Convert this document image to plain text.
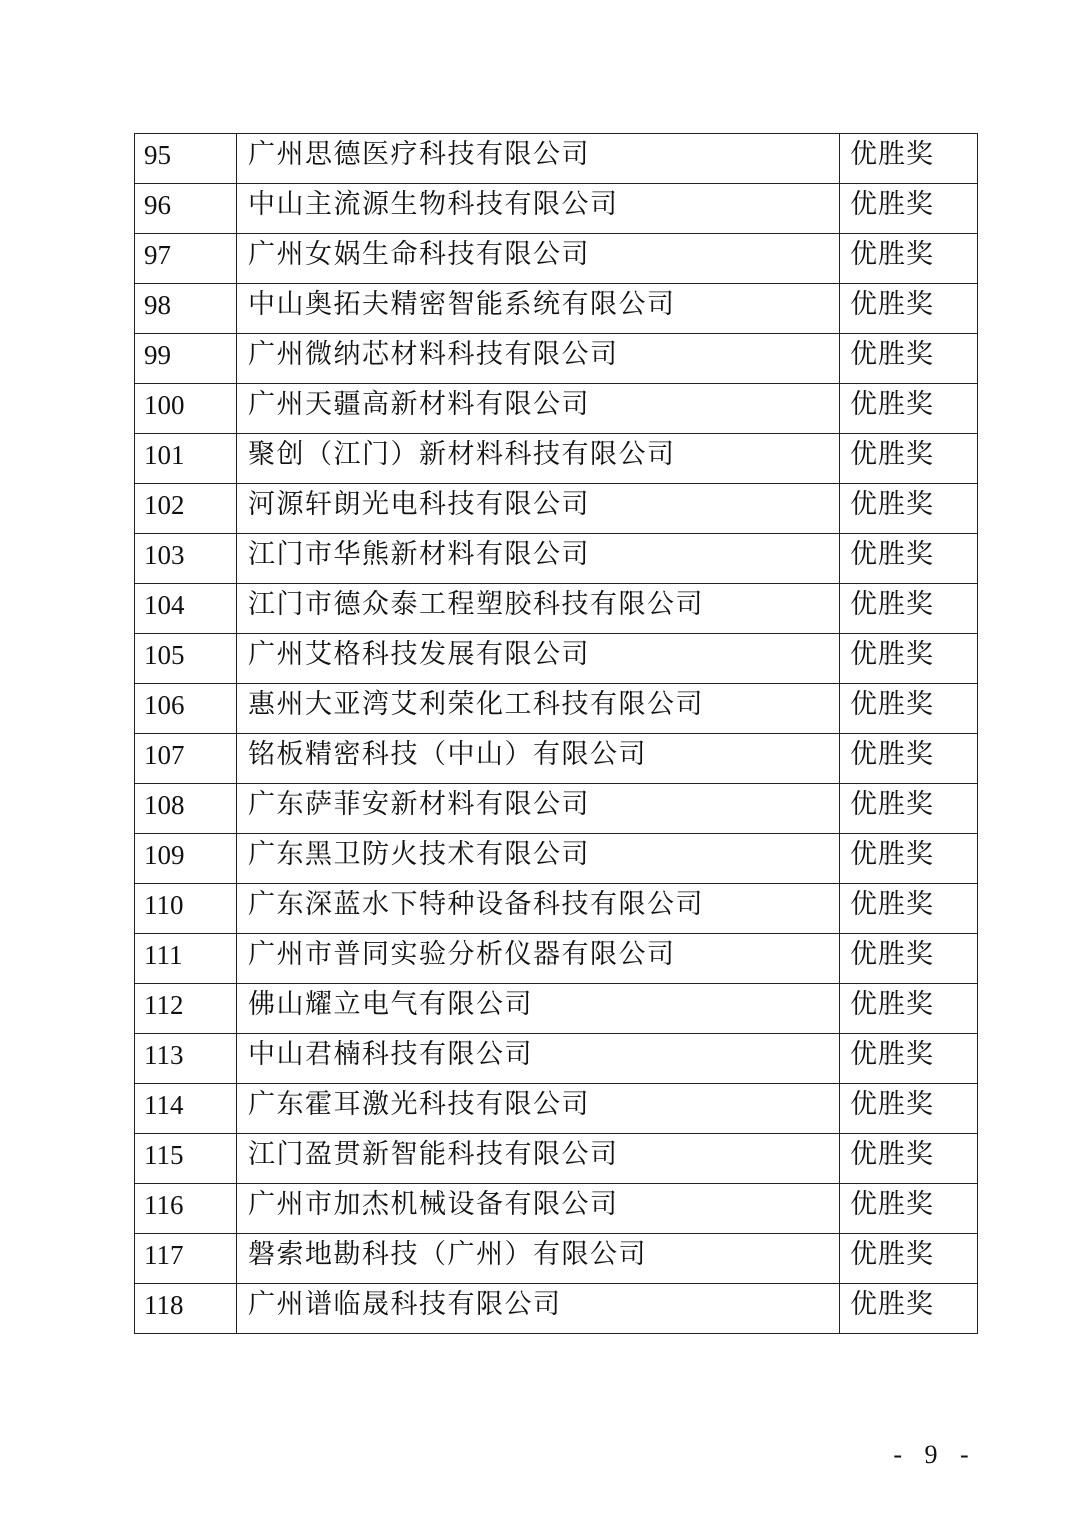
95	广州思德医疗科技有限公司	优胜奖
96	中山主流源生物科技有限公司	优胜奖
97	广州女娲生命科技有限公司	优胜奖
98	中山奥拓夫精密智能系统有限公司	优胜奖
99	广州微纳芯材料科技有限公司	优胜奖
100	广州天疆高新材料有限公司	优胜奖
101	聚创（江门）新材料科技有限公司	优胜奖
102	河源轩朗光电科技有限公司	优胜奖
103	江门市华熊新材料有限公司	优胜奖
104	江门市德众泰工程塑胶科技有限公司	优胜奖
105	广州艾格科技发展有限公司	优胜奖
106	惠州大亚湾艾利荣化工科技有限公司	优胜奖
107	铭板精密科技（中山）有限公司	优胜奖
108	广东萨菲安新材料有限公司	优胜奖
109	广东黑卫防火技术有限公司	优胜奖
110	广东深蓝水下特种设备科技有限公司	优胜奖
111	广州市普同实验分析仪器有限公司	优胜奖
112	佛山耀立电气有限公司	优胜奖
113	中山君楠科技有限公司	优胜奖
114	广东霍耳激光科技有限公司	优胜奖
115	江门盈贯新智能科技有限公司	优胜奖
116	广州市加杰机械设备有限公司	优胜奖
117	磐索地勘科技（广州）有限公司	优胜奖
118	广州谱临晟科技有限公司	优胜奖
- 9 -
